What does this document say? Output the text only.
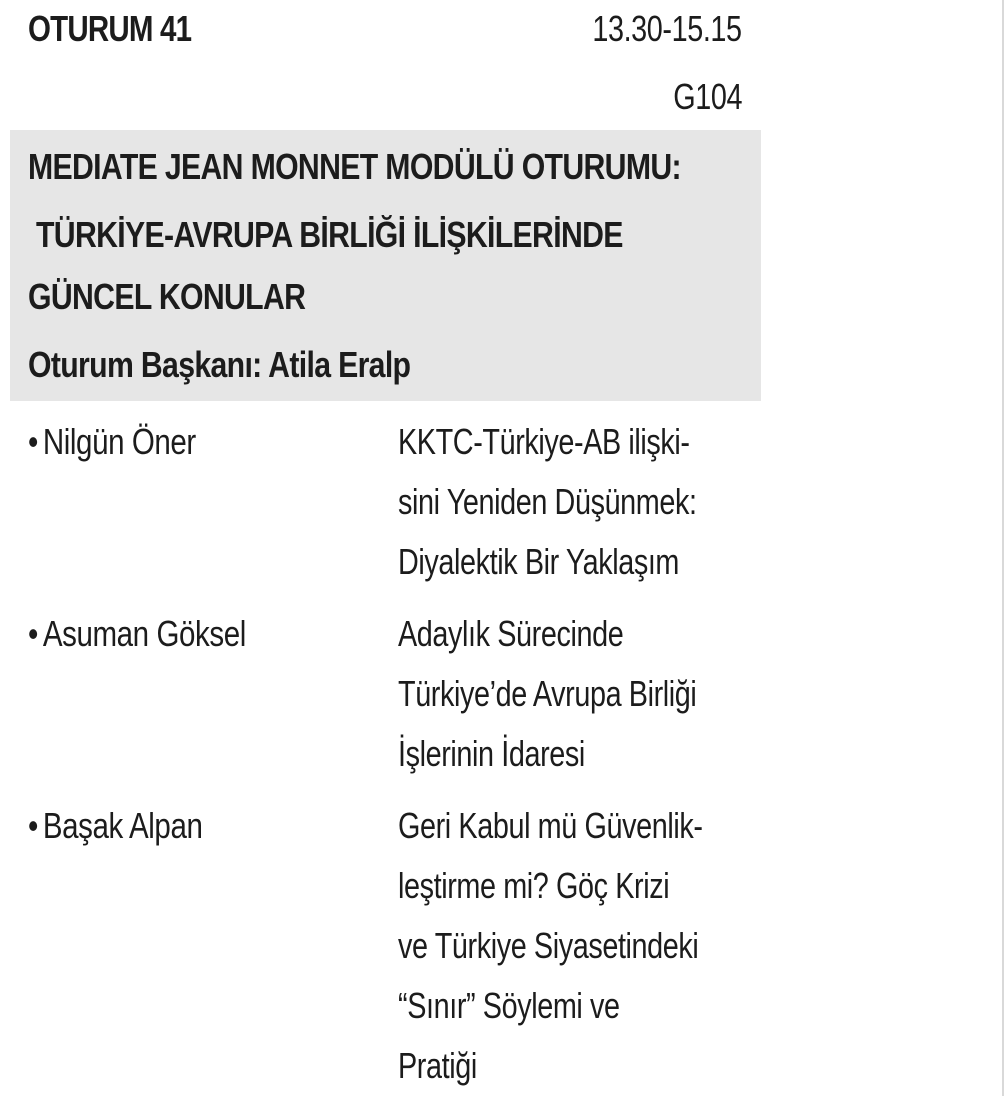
OTURUM 41	13.30-15.15
G104
MEDIATE JEAN MONNET MODÜLÜ OTURUMU:
TÜRKİYE-AVRUPA BİRLİĞİ İLİŞKİLERİNDE
GÜNCEL KONULAR
Oturum Başkanı: Atila Eralp
• Nilgün Öner	KKTC-Türkiye-AB ilişki-
sini Yeniden Düşünmek:
Diyalektik Bir Yaklaşım
• Asuman Göksel	Adaylık Sürecinde
Türkiye’de Avrupa Birliği
İşlerinin İdaresi
• Başak Alpan	Geri Kabul mü Güvenlik-
leştirme mi? Göç Krizi
ve Türkiye Siyasetindeki
“Sınır” Söylemi ve
Pratiği
